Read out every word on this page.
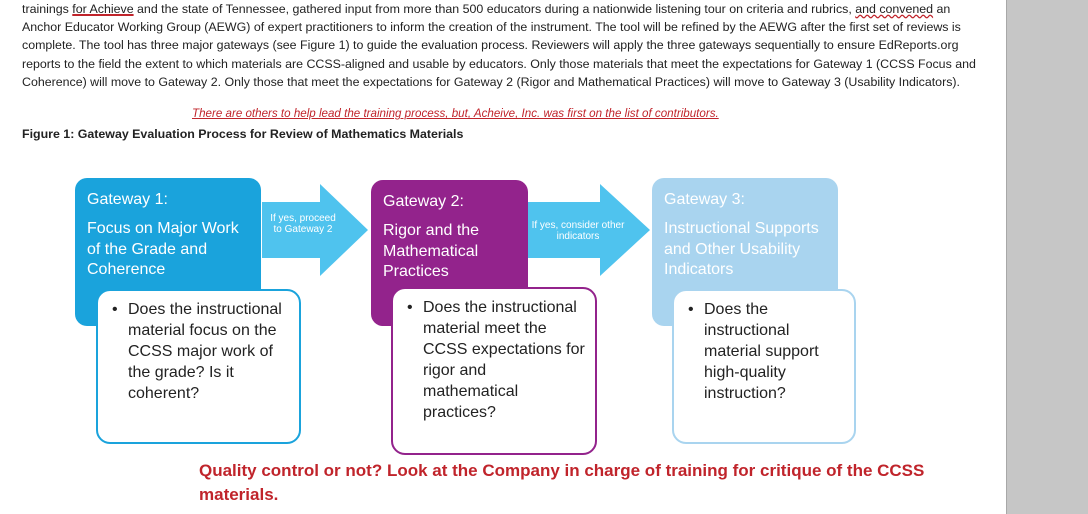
trainings for Achieve and the state of Tennessee, gathered input from more than 500 educators during a nationwide listening tour on criteria and rubrics, and convened an Anchor Educator Working Group (AEWG) of expert practitioners to inform the creation of the instrument. The tool will be refined by the AEWG after the first set of reviews is complete. The tool has three major gateways (see Figure 1) to guide the evaluation process. Reviewers will apply the three gateways sequentially to ensure EdReports.org reports to the field the extent to which materials are CCSS-aligned and usable by educators. Only those materials that meet the expectations for Gateway 1 (CCSS Focus and Coherence) will move to Gateway 2. Only those that meet the expectations for Gateway 2 (Rigor and Mathematical Practices) will move to Gateway 3 (Usability Indicators).

There are others to help lead the training process, but, Acheive, Inc. was first on the list of contributors.
Figure 1: Gateway Evaluation Process for Review of Mathematics Materials
If yes, proceed to Gateway 2	If yes, consider other indicators
Gateway 1:
Focus on Major Work of the Grade and Coherence
• Does the instructional material focus on the CCSS major work of the grade? Is it coherent?
Gateway 2:
Rigor and the Mathematical Practices
• Does the instructional material meet the CCSS expectations for rigor and mathematical practices?
Gateway 3:
Instructional Supports and Other Usability Indicators
• Does the instructional material support high-quality instruction?
Quality control or not? Look at the Company in charge of training for critique of the CCSS materials.
